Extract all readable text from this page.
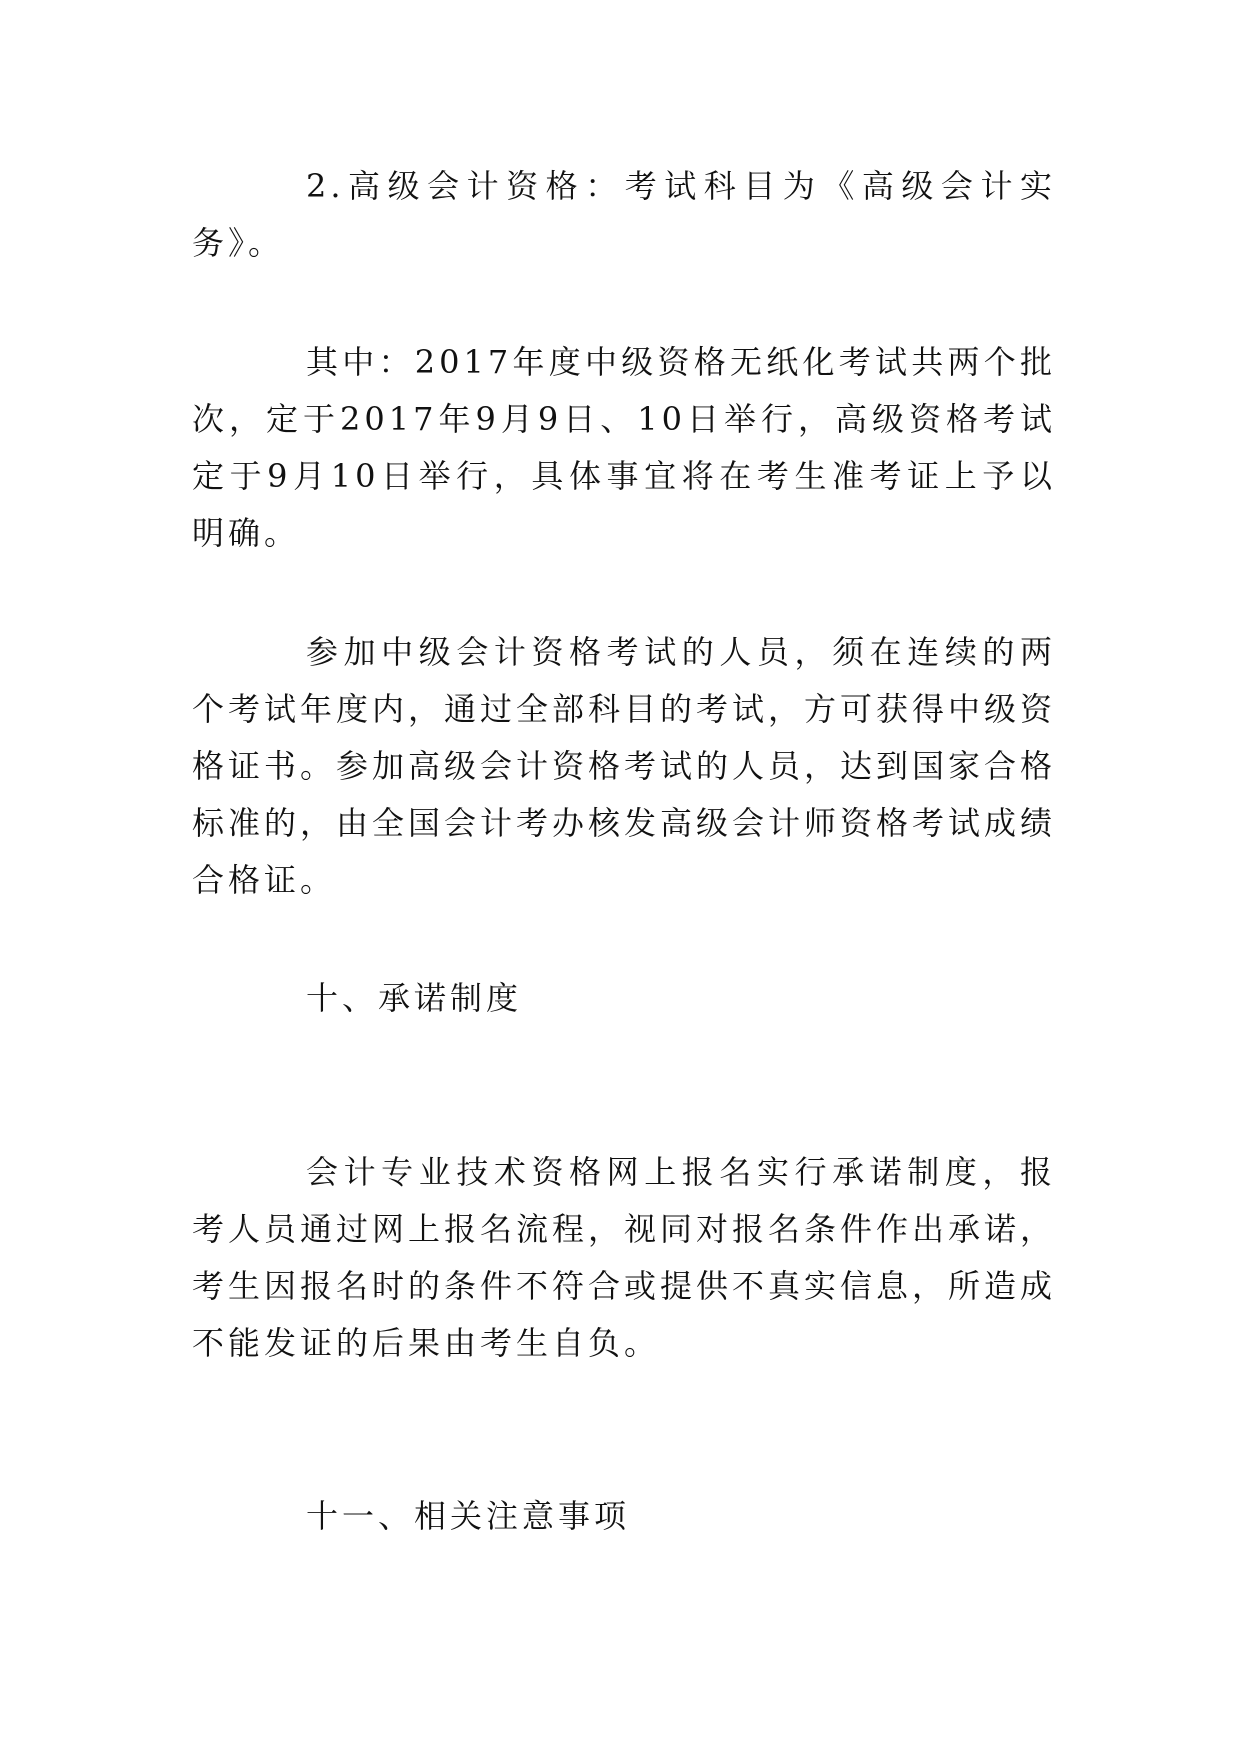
2.高级会计资格：考试科目为《高级会计实务》。

其中：2017年度中级资格无纸化考试共两个批次，定于2017年9月9日、10日举行，高级资格考试定于9月10日举行，具体事宜将在考生准考证上予以明确。

参加中级会计资格考试的人员，须在连续的两个考试年度内，通过全部科目的考试，方可获得中级资格证书。参加高级会计资格考试的人员，达到国家合格标准的，由全国会计考办核发高级会计师资格考试成绩合格证。

十、承诺制度

会计专业技术资格网上报名实行承诺制度，报考人员通过网上报名流程，视同对报名条件作出承诺，考生因报名时的条件不符合或提供不真实信息，所造成不能发证的后果由考生自负。

十一、相关注意事项
